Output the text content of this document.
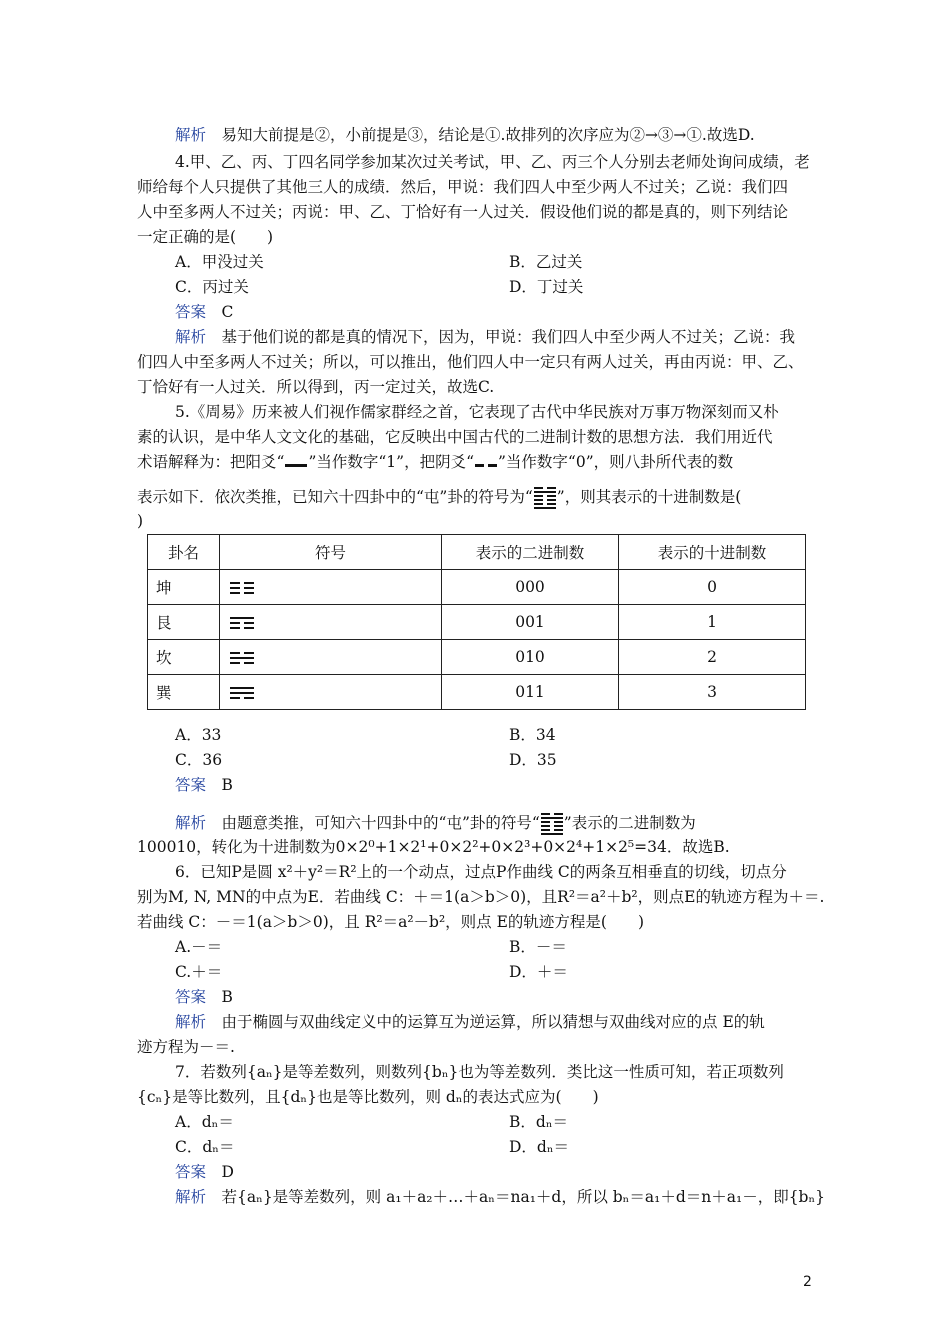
解析　易知大前提是②，小前提是③，结论是①.故排列的次序应为②→③→①.故选D.
4.甲、乙、丙、丁四名同学参加某次过关考试，甲、乙、丙三个人分别去老师处询问成绩，老
师给每个人只提供了其他三人的成绩．然后，甲说：我们四人中至少两人不过关；乙说：我们四
人中至多两人不过关；丙说：甲、乙、丁恰好有一人过关．假设他们说的都是真的，则下列结论
一定正确的是(　　)
A．甲没过关	B．乙过关
C．丙过关	D．丁过关
答案　C
解析　基于他们说的都是真的情况下，因为，甲说：我们四人中至少两人不过关；乙说：我
们四人中至多两人不过关；所以，可以推出，他们四人中一定只有两人过关，再由丙说：甲、乙、
丁恰好有一人过关．所以得到，丙一定过关，故选C.
5.《周易》历来被人们视作儒家群经之首，它表现了古代中华民族对万事万物深刻而又朴
素的认识，是中华人文文化的基础，它反映出中国古代的二进制计数的思想方法．我们用近代
术语解释为：把阳爻“ ”当作数字“1”，把阴爻“ ”当作数字“0”，则八卦所代表的数
表示如下．依次类推，已知六十四卦中的“屯”卦的符号为“ ”，则其表示的十进制数是(
)
卦名	符号	表示的二进制数	表示的十进制数
坤		000	0
艮		001	1
坎		010	2
巽		011	3
A．33	B．34
C．36	D．35
答案　B
解析　由题意类推，可知六十四卦中的“屯”卦的符号“ ”表示的二进制数为
100010，转化为十进制数为0×2⁰+1×2¹+0×2²+0×2³+0×2⁴+1×2⁵=34．故选B.
6．已知P是圆 x²＋y²＝R²上的一个动点，过点P作曲线 C的两条互相垂直的切线，切点分
别为M, N, MN的中点为E．若曲线 C：＋＝1(a＞b＞0)，且R²＝a²＋b²，则点E的轨迹方程为＋＝.
若曲线 C：－＝1(a＞b＞0)，且 R²＝a²－b²，则点 E的轨迹方程是(　　)
A.－＝	B．－＝
C.＋＝	D．＋＝
答案　B
解析　由于椭圆与双曲线定义中的运算互为逆运算，所以猜想与双曲线对应的点 E的轨
迹方程为－＝.
7．若数列{aₙ}是等差数列，则数列{bₙ}也为等差数列．类比这一性质可知，若正项数列
{cₙ}是等比数列，且{dₙ}也是等比数列，则 dₙ的表达式应为(　　)
A．dₙ＝	B．dₙ＝
C．dₙ＝	D．dₙ＝
答案　D
解析　若{aₙ}是等差数列，则 a₁＋a₂＋…＋aₙ＝na₁＋d，所以 bₙ＝a₁＋d＝n＋a₁－，即{bₙ}
2
